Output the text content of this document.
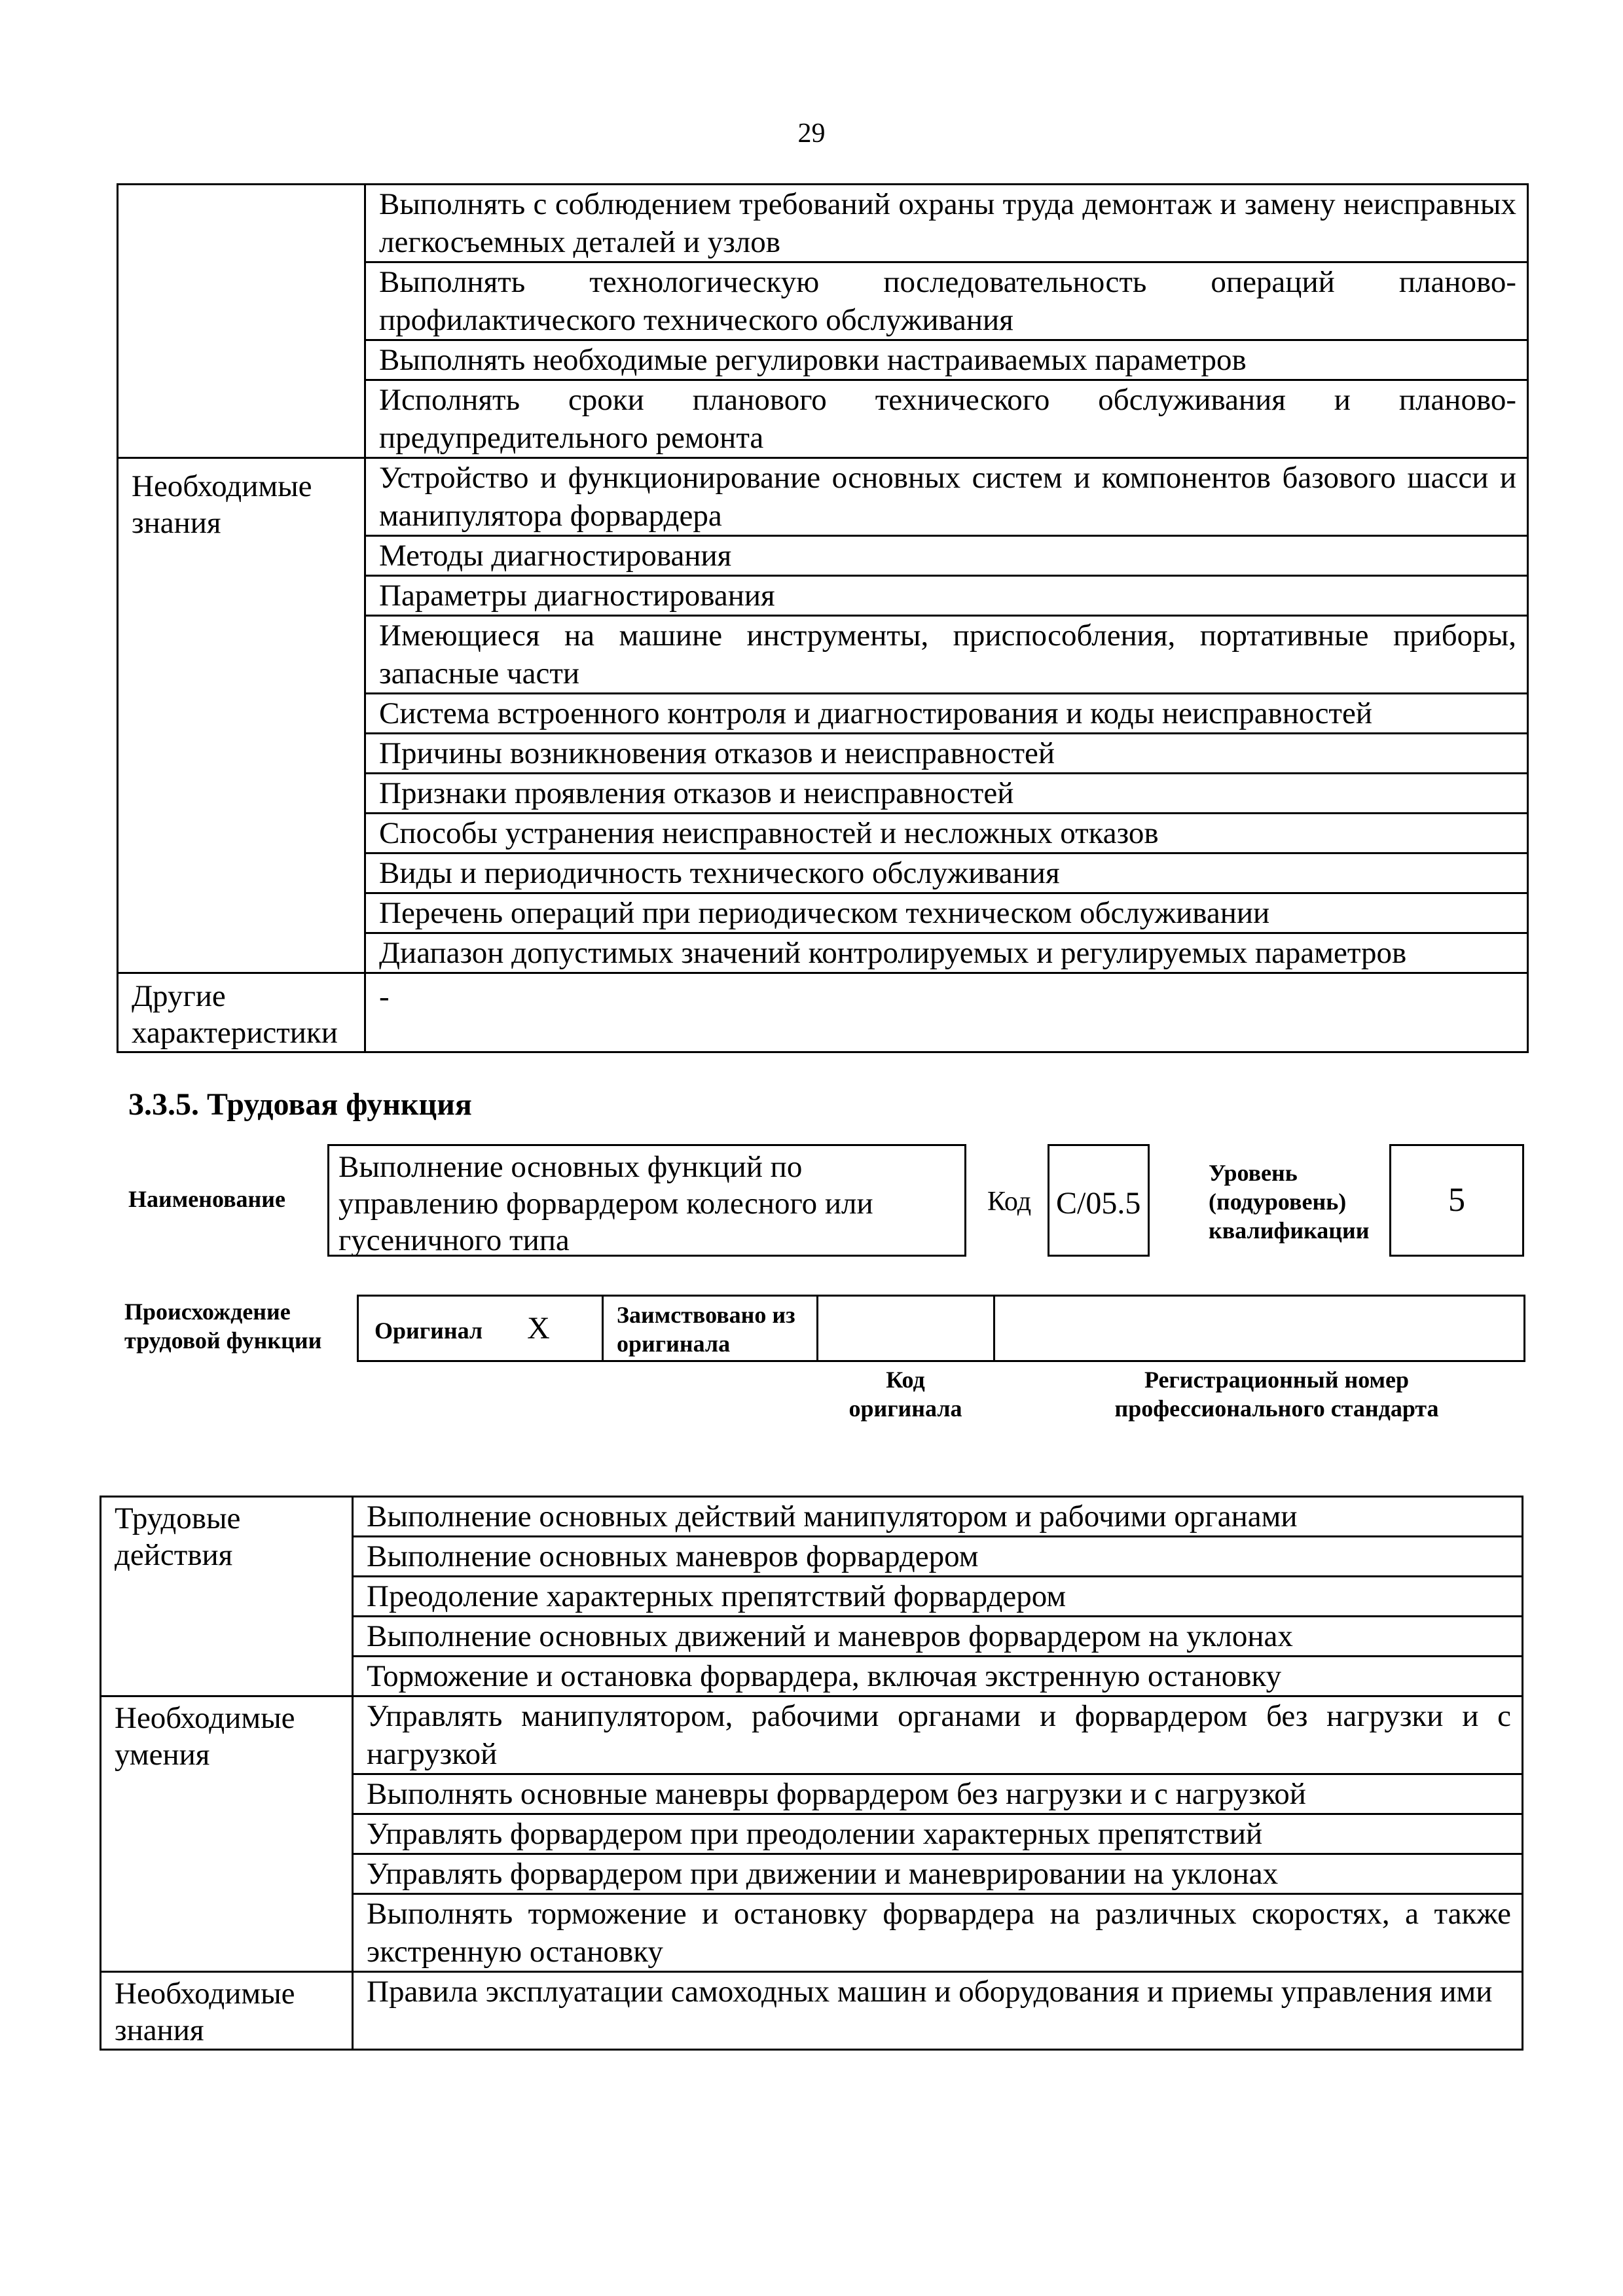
29
	Выполнять с соблюдением требований охраны труда демонтаж и замену неисправных легкосъемных деталей и узлов
	Выполнять технологическую последовательность операций планово-профилактического технического обслуживания
	Выполнять необходимые регулировки настраиваемых параметров
	Исполнять сроки планового технического обслуживания и планово-предупредительного ремонта
Необходимые знания	Устройство и функционирование основных систем и компонентов базового шасси и манипулятора форвардера
	Методы диагностирования
	Параметры диагностирования
	Имеющиеся на машине инструменты, приспособления, портативные приборы, запасные части
	Система встроенного контроля и диагностирования и коды неисправностей
	Причины возникновения отказов и неисправностей
	Признаки проявления отказов и неисправностей
	Способы устранения неисправностей и несложных отказов
	Виды и периодичность технического обслуживания
	Перечень операций при периодическом техническом обслуживании
	Диапазон допустимых значений контролируемых и регулируемых параметров
Другие характеристики	-
3.3.5. Трудовая функция
Наименование
Выполнение основных функций по управлению форвардером колесного или гусеничного типа
Код C/05.5
Уровень (подуровень) квалификации
5
Происхождение трудовой функции	Оригинал X	Заимствовано из оригинала		
Код оригинала
Регистрационный номер профессионального стандарта
Трудовые действия	Выполнение основных действий манипулятором и рабочими органами
	Выполнение основных маневров форвардером
	Преодоление характерных препятствий форвардером
	Выполнение основных движений и маневров форвардером на уклонах
	Торможение и остановка форвардера, включая экстренную остановку
Необходимые умения	Управлять манипулятором, рабочими органами и форвардером без нагрузки и с нагрузкой
	Выполнять основные маневры форвардером без нагрузки и с нагрузкой
	Управлять форвардером при преодолении характерных препятствий
	Управлять форвардером при движении и маневрировании на уклонах
	Выполнять торможение и остановку форвардера на различных скоростях, а также экстренную остановку
Необходимые знания	Правила эксплуатации самоходных машин и оборудования и приемы управления ими
